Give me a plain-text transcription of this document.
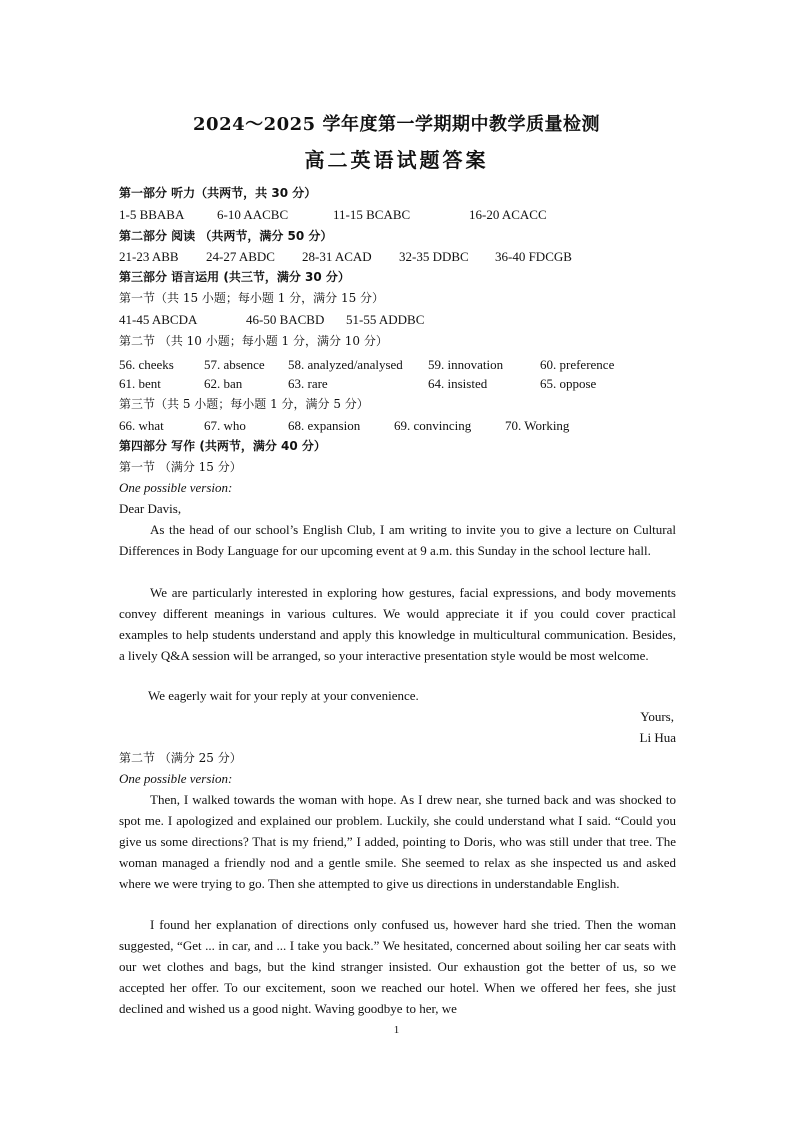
2024～2025 学年度第一学期期中教学质量检测
高二英语试题答案
第一部分 听力（共两节，共 30 分）
1-5 BBABA	6-10 AACBC	11-15 BCABC	16-20 ACACC
第二部分 阅读 （共两节，满分 50 分）
21-23 ABB 24-27 ABDC 28-31 ACAD 32-35 DDBC 36-40 FDCGB
第三部分 语言运用 (共三节，满分 30 分）
第一节（共 15 小题；每小题 1 分，满分 15 分）
41-45 ABCDA	46-50 BACBD 51-55 ADDBC
第二节 （共 10 小题；每小题 1 分，满分 10 分）
56. cheeks 57. absence 58. analyzed/analysed 59. innovation	60. preference
61. bent	62. ban	63. rare	64. insisted	65. oppose
第三节（共 5 小题；每小题 1 分，满分 5 分）
66. what	67. who	68. expansion	69. convincing	70. Working
第四部分 写作 (共两节，满分 40 分）
第一节 （满分 15 分）
One possible version:
Dear Davis,

As the head of our school’s English Club, I am writing to invite you to give a lecture on Cultural Differences in Body Language for our upcoming event at 9 a.m. this Sunday in the school lecture hall.

We are particularly interested in exploring how gestures, facial expressions, and body movements convey different meanings in various cultures. We would appreciate it if you could cover practical examples to help students understand and apply this knowledge in multicultural communication. Besides, a lively Q&A session will be arranged, so your interactive presentation style would be most welcome.

We eagerly wait for your reply at your convenience.

Yours,
Li Hua
第二节 （满分 25 分）
One possible version:

Then, I walked towards the woman with hope. As I drew near, she turned back and was shocked to spot me. I apologized and explained our problem. Luckily, she could understand what I said. “Could you give us some directions? That is my friend,” I added, pointing to Doris, who was still under that tree. The woman managed a friendly nod and a gentle smile. She seemed to relax as she inspected us and asked where we were trying to go. Then she attempted to give us directions in understandable English.

I found her explanation of directions only confused us, however hard she tried. Then the woman suggested, “Get ... in car, and ... I take you back.” We hesitated, concerned about soiling her car seats with our wet clothes and bags, but the kind stranger insisted. Our exhaustion got the better of us, so we accepted her offer. To our excitement, soon we reached our hotel. When we offered her fees, she just declined and wished us a good night. Waving goodbye to her, we

1
